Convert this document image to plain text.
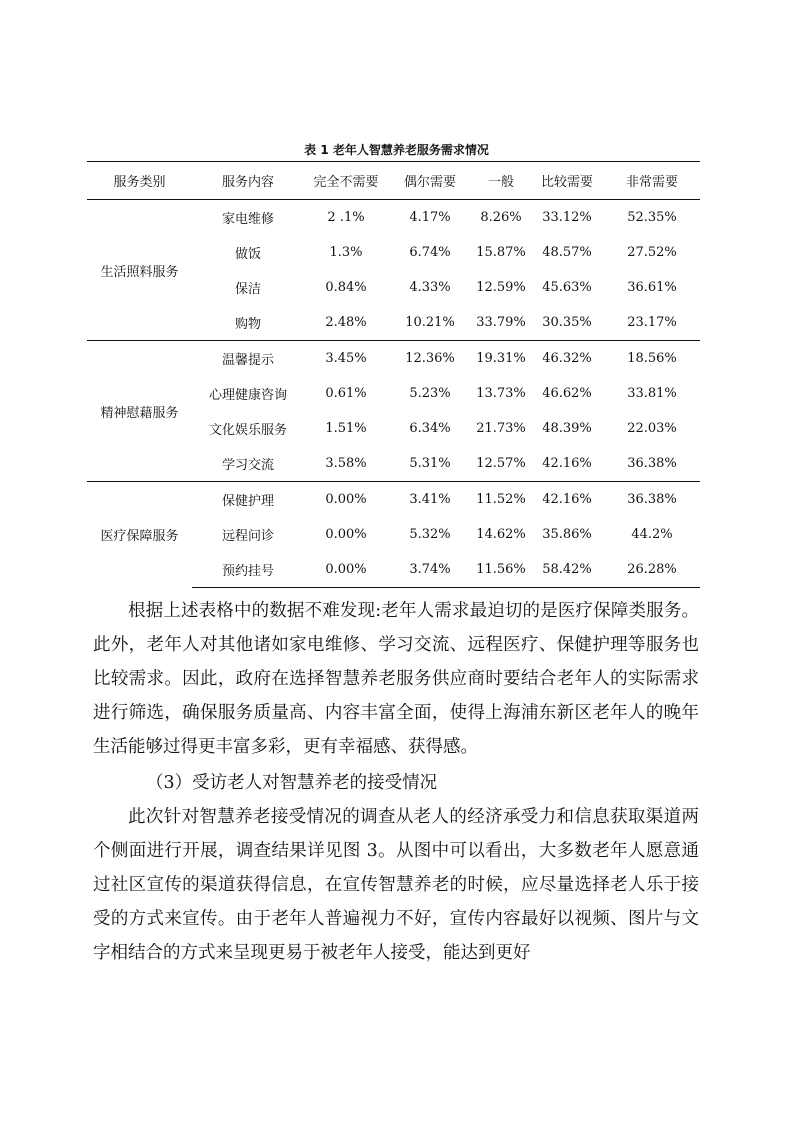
表 1 老年人智慧养老服务需求情况
服务类别	服务内容	完全不需要	偶尔需要	一般	比较需要	非常需要
生活照料服务	家电维修	2 .1%	4.17%	8.26%	33.12%	52.35%
	做饭	1.3%	6.74%	15.87%	48.57%	27.52%
	保洁	0.84%	4.33%	12.59%	45.63%	36.61%
	购物	2.48%	10.21%	33.79%	30.35%	23.17%
精神慰藉服务	温馨提示	3.45%	12.36%	19.31%	46.32%	18.56%
	心理健康咨询	0.61%	5.23%	13.73%	46.62%	33.81%
	文化娱乐服务	1.51%	6.34%	21.73%	48.39%	22.03%
	学习交流	3.58%	5.31%	12.57%	42.16%	36.38%
医疗保障服务	保健护理	0.00%	3.41%	11.52%	42.16%	36.38%
	远程问诊	0.00%	5.32%	14.62%	35.86%	44.2%
	预约挂号	0.00%	3.74%	11.56%	58.42%	26.28%

根据上述表格中的数据不难发现:老年人需求最迫切的是医疗保障类服务。此外，老年人对其他诸如家电维修、学习交流、远程医疗、保健护理等服务也比较需求。因此，政府在选择智慧养老服务供应商时要结合老年人的实际需求进行筛选，确保服务质量高、内容丰富全面，使得上海浦东新区老年人的晚年生活能够过得更丰富多彩，更有幸福感、获得感。

（3）受访老人对智慧养老的接受情况

此次针对智慧养老接受情况的调查从老人的经济承受力和信息获取渠道两个侧面进行开展，调查结果详见图 3。从图中可以看出，大多数老年人愿意通过社区宣传的渠道获得信息，在宣传智慧养老的时候，应尽量选择老人乐于接受的方式来宣传。由于老年人普遍视力不好，宣传内容最好以视频、图片与文字相结合的方式来呈现更易于被老年人接受，能达到更好
